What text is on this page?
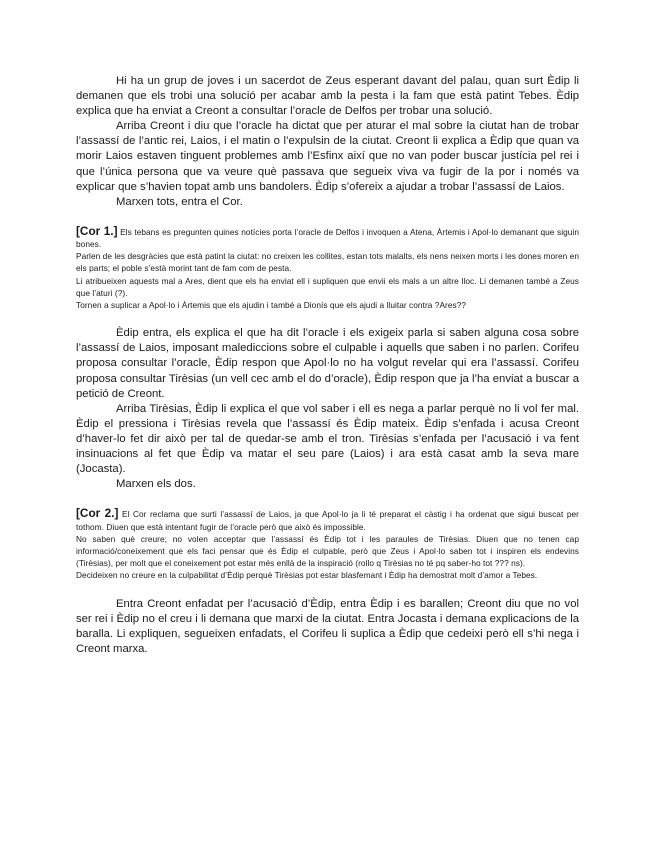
Hi ha un grup de joves i un sacerdot de Zeus esperant davant del palau, quan surt Èdip li demanen que els trobi una solució per acabar amb la pesta i la fam que està patint Tebes. Èdip explica que ha enviat a Creont a consultar l’oracle de Delfos per trobar una solució.

Arriba Creont i diu que l’oracle ha dictat que per aturar el mal sobre la ciutat han de trobar l’assassí de l’antic rei, Laios, i el matin o l’expulsin de la ciutat. Creont li explica a Èdip que quan va morir Laios estaven tinguent problemes amb l’Esfinx així que no van poder buscar justícia pel rei i que l’única persona que va veure què passava que segueix viva va fugir de la por i només va explicar que s’havien topat amb uns bandolers. Èdip s’ofereix a ajudar a trobar l’assassí de Laios.

Marxen tots, entra el Cor.

[Cor 1.] Els tebans es pregunten quines notícies porta l’oracle de Delfos i invoquen a Atena, Àrtemis i Apol·lo demanant que siguin bones.

Parlen de les desgràcies que està patint la ciutat: no creixen les collites, estan tots malalts, els nens neixen morts i les dones moren en els parts; el poble s’està morint tant de fam com de pesta.

Li atribueixen aquests mal a Ares, dient que els ha enviat ell i supliquen que envii els mals a un altre lloc. Li demanen també a Zeus que l’aturi (?).

Tornen a suplicar a Apol·lo i Àrtemis que els ajudin i també a Dionís que els ajudi a lluitar contra ?Ares??

Èdip entra, els explica el que ha dit l’oracle i els exigeix parla si saben alguna cosa sobre l’assassí de Laios, imposant malediccions sobre el culpable i aquells que saben i no parlen. Corifeu proposa consultar l’oracle, Èdip respon que Apol·lo no ha volgut revelar qui era l’assassí. Corifeu proposa consultar Tirèsias (un vell cec amb el do d’oracle), Èdip respon que ja l’ha enviat a buscar a petició de Creont.

Arriba Tirèsias, Èdip li explica el que vol saber i ell es nega a parlar perquè no li vol fer mal. Èdip el pressiona i Tirèsias revela que l’assassí és Èdip mateix. Èdip s’enfada i acusa Creont d’haver-lo fet dir això per tal de quedar-se amb el tron. Tirèsias s’enfada per l’acusació i va fent insinuacions al fet que Èdip va matar el seu pare (Laios) i ara està casat amb la seva mare (Jocasta).

Marxen els dos.

[Cor 2.] El Cor reclama que surti l’assassí de Laios, ja que Apol·lo ja li té preparat el càstig i ha ordenat que sigui buscat per tothom. Diuen que està intentant fugir de l’oracle però que això és impossible.

No saben què creure; no volen acceptar que l’assassí és Èdip tot i les paraules de Tirèsias. Diuen que no tenen cap informació/coneixement que els faci pensar que és Èdip el culpable, però que Zeus i Apol·lo saben tot i inspiren els endevins (Tirèsias), per molt que el coneixement pot estar més enllà de la inspiració (rollo q Tirèsias no té pq saber-ho tot ??? ns).

Decideixen no creure en la culpabilitat d’Èdip perquè Tirèsias pot estar blasfemant i Èdip ha demostrat molt d’amor a Tebes.

Entra Creont enfadat per l’acusació d’Èdip, entra Èdip i es barallen; Creont diu que no vol ser rei i Èdip no el creu i li demana que marxi de la ciutat. Entra Jocasta i demana explicacions de la baralla. Li expliquen, segueixen enfadats, el Corifeu li suplica a Èdip que cedeixi però ell s’hi nega i Creont marxa.
